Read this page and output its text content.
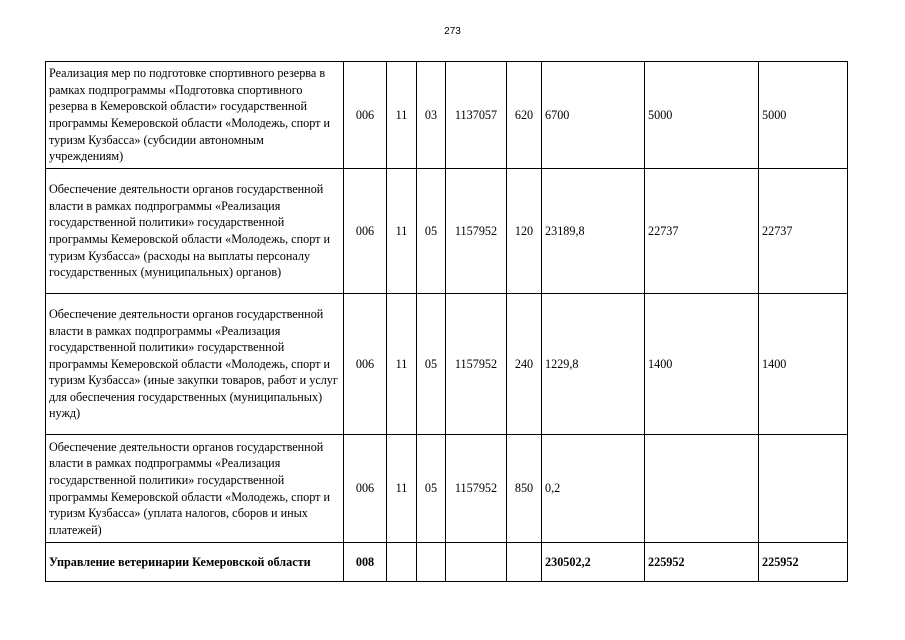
273
Реализация мер по подготовке спортивного резерва в рамках подпрограммы «Подготовка спортивного резерва в Кемеровской области» государственной программы Кемеровской области «Молодежь, спорт и туризм Кузбасса» (субсидии автономным учреждениям)	006	11	03	1137057	620	6700	5000	5000
Обеспечение деятельности органов государственной власти в рамках подпрограммы «Реализация государственной политики» государственной программы Кемеровской области «Молодежь, спорт и туризм Кузбасса» (расходы на выплаты персоналу государственных (муниципальных) органов)	006	11	05	1157952	120	23189,8	22737	22737
Обеспечение деятельности органов государственной власти в рамках подпрограммы «Реализация государственной политики» государственной программы Кемеровской области «Молодежь, спорт и туризм Кузбасса» (иные закупки товаров, работ и услуг для обеспечения государственных (муниципальных) нужд)	006	11	05	1157952	240	1229,8	1400	1400
Обеспечение деятельности органов государственной власти в рамках подпрограммы «Реализация государственной политики» государственной программы Кемеровской области «Молодежь, спорт и туризм Кузбасса» (уплата налогов, сборов и иных платежей)	006	11	05	1157952	850	0,2		
Управление ветеринарии Кемеровской области	008					230502,2	225952	225952
